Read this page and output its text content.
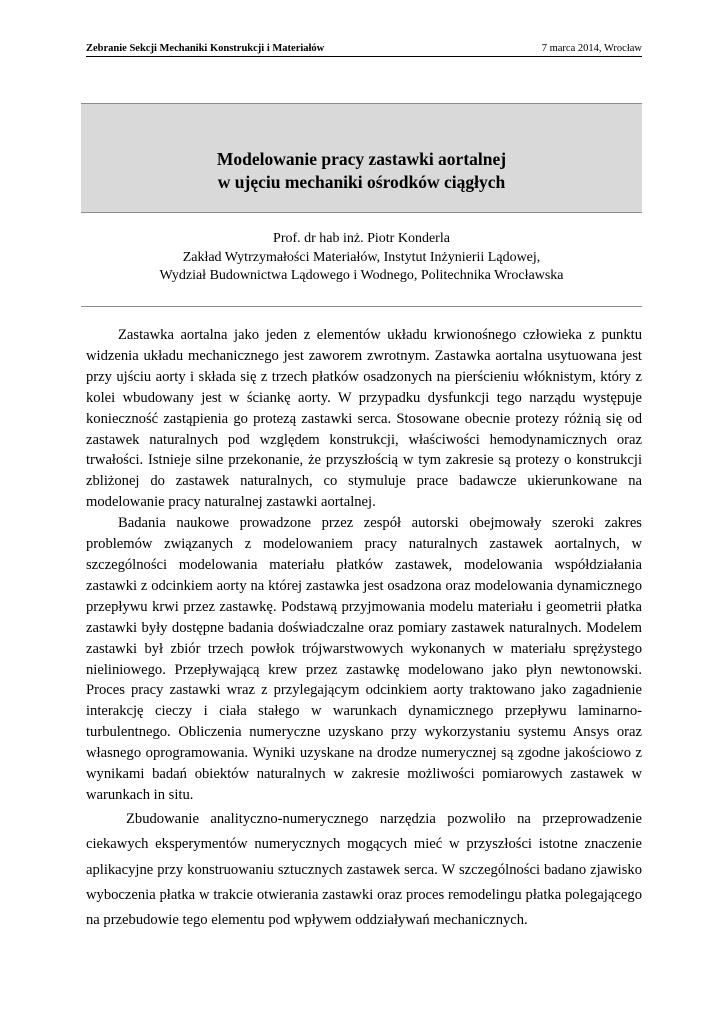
Zebranie Sekcji Mechaniki Konstrukcji i Materiałów	7 marca 2014, Wrocław
Modelowanie pracy zastawki aortalnej
w ujęciu mechaniki ośrodków ciągłych
Prof. dr hab inż. Piotr Konderla
Zakład Wytrzymałości Materiałów, Instytut Inżynierii Lądowej,
Wydział Budownictwa Lądowego i Wodnego, Politechnika Wrocławska

Zastawka aortalna jako jeden z elementów układu krwionośnego człowieka z punktu widzenia układu mechanicznego jest zaworem zwrotnym. Zastawka aortalna usytuowana jest przy ujściu aorty i składa się z trzech płatków osadzonych na pierścieniu włóknistym, który z kolei wbudowany jest w ściankę aorty. W przypadku dysfunkcji tego narządu występuje konieczność zastąpienia go protezą zastawki serca. Stosowane obecnie protezy różnią się od zastawek naturalnych pod względem konstrukcji, właściwości hemodynamicznych oraz trwałości. Istnieje silne przekonanie, że przyszłością w tym zakresie są protezy o konstrukcji zbliżonej do zastawek naturalnych, co stymuluje prace badawcze ukierunkowane na modelowanie pracy naturalnej zastawki aortalnej.

Badania naukowe prowadzone przez zespół autorski obejmowały szeroki zakres problemów związanych z modelowaniem pracy naturalnych zastawek aortalnych, w szczególności modelowania materiału płatków zastawek, modelowania współdziałania zastawki z odcinkiem aorty na której zastawka jest osadzona oraz modelowania dynamicznego przepływu krwi przez zastawkę. Podstawą przyjmowania modelu materiału i geometrii płatka zastawki były dostępne badania doświadczalne oraz pomiary zastawek naturalnych. Modelem zastawki był zbiór trzech powłok trójwarstwowych wykonanych w materiału sprężystego nieliniowego. Przepływającą krew przez zastawkę modelowano jako płyn newtonowski. Proces pracy zastawki wraz z przylegającym odcinkiem aorty traktowano jako zagadnienie interakcję cieczy i ciała stałego w warunkach dynamicznego przepływu laminarno-turbulentnego. Obliczenia numeryczne uzyskano przy wykorzystaniu systemu Ansys oraz własnego oprogramowania. Wyniki uzyskane na drodze numerycznej są zgodne jakościowo z wynikami badań obiektów naturalnych w zakresie możliwości pomiarowych zastawek w warunkach in situ.

Zbudowanie analityczno-numerycznego narzędzia pozwoliło na przeprowadzenie ciekawych eksperymentów numerycznych mogących mieć w przyszłości istotne znaczenie aplikacyjne przy konstruowaniu sztucznych zastawek serca. W szczególności badano zjawisko wyboczenia płatka w trakcie otwierania zastawki oraz proces remodelingu płatka polegającego na przebudowie tego elementu pod wpływem oddziaływań mechanicznych.
